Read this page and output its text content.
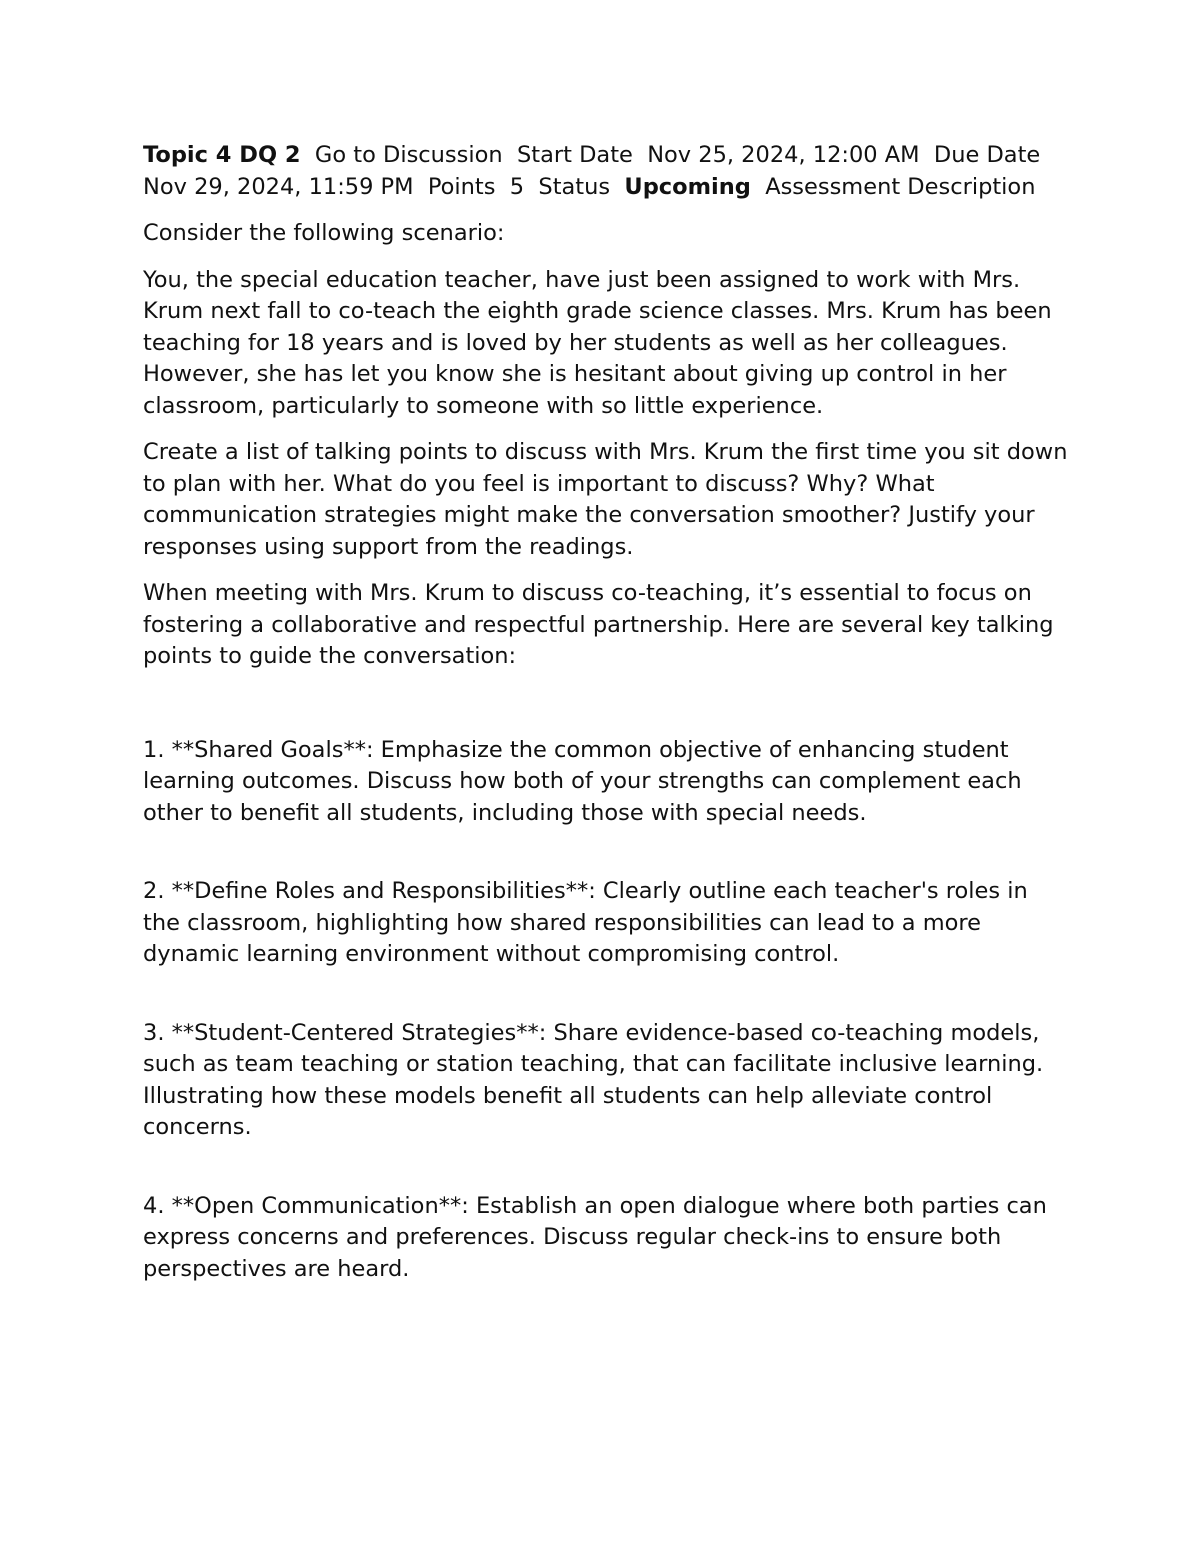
Topic 4 DQ 2 Go to Discussion Start Date Nov 25, 2024, 12:00 AM Due Date  Nov 29, 2024, 11:59 PM Points 5 Status Upcoming Assessment Description

Consider the following scenario:

You, the special education teacher, have just been assigned to work with Mrs. Krum next fall to co-teach the eighth grade science classes. Mrs. Krum has been teaching for 18 years and is loved by her students as well as her colleagues. However, she has let you know she is hesitant about giving up control in her classroom, particularly to someone with so little experience.

Create a list of talking points to discuss with Mrs. Krum the first time you sit down to plan with her. What do you feel is important to discuss? Why? What communication strategies might make the conversation smoother? Justify your responses using support from the readings.

When meeting with Mrs. Krum to discuss co-teaching, it’s essential to focus on fostering a collaborative and respectful partnership. Here are several key talking points to guide the conversation:

1. **Shared Goals**: Emphasize the common objective of enhancing student learning outcomes. Discuss how both of your strengths can complement each other to benefit all students, including those with special needs.

2. **Define Roles and Responsibilities**: Clearly outline each teacher's roles in the classroom, highlighting how shared responsibilities can lead to a more dynamic learning environment without compromising control.

3. **Student-Centered Strategies**: Share evidence-based co-teaching models, such as team teaching or station teaching, that can facilitate inclusive learning. Illustrating how these models benefit all students can help alleviate control concerns.

4. **Open Communication**: Establish an open dialogue where both parties can express concerns and preferences. Discuss regular check-ins to ensure both perspectives are heard.
